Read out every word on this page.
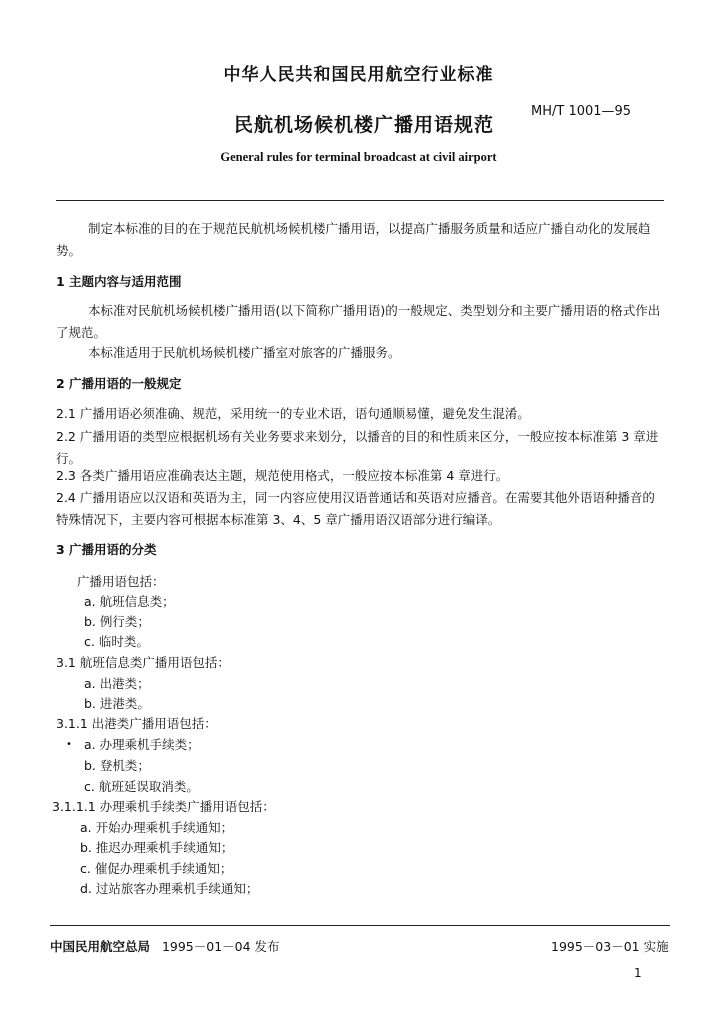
中华人民共和国民用航空行业标准
民航机场候机楼广播用语规范
MH/T 1001—95
General rules for terminal broadcast at civil airport
制定本标准的目的在于规范民航机场候机楼广播用语，以提高广播服务质量和适应广播自动化的发展趋势。
1 主题内容与适用范围
本标准对民航机场候机楼广播用语(以下简称广播用语)的一般规定、类型划分和主要广播用语的格式作出了规范。
本标准适用于民航机场候机楼广播室对旅客的广播服务。
2 广播用语的一般规定
2.1 广播用语必须准确、规范，采用统一的专业术语，语句通顺易懂，避免发生混淆。
2.2 广播用语的类型应根据机场有关业务要求来划分，以播音的目的和性质来区分，一般应按本标准第 3 章进行。
2.3 各类广播用语应准确表达主题，规范使用格式，一般应按本标准第 4 章进行。
2.4 广播用语应以汉语和英语为主，同一内容应使用汉语普通话和英语对应播音。在需要其他外语语种播音的特殊情况下，主要内容可根据本标准第 3、4、5 章广播用语汉语部分进行编译。
3 广播用语的分类
广播用语包括：
a. 航班信息类；
b. 例行类；
c. 临时类。
3.1 航班信息类广播用语包括：
a. 出港类；
b. 进港类。
3.1.1 出港类广播用语包括：
• a. 办理乘机手续类；
b. 登机类；
c. 航班延误取消类。
3.1.1.1 办理乘机手续类广播用语包括：
a. 开始办理乘机手续通知；
b. 推迟办理乘机手续通知；
c. 催促办理乘机手续通知；
d. 过站旅客办理乘机手续通知；
中国民用航空总局 1995－01－04 发布	1995－03－01 实施
1
